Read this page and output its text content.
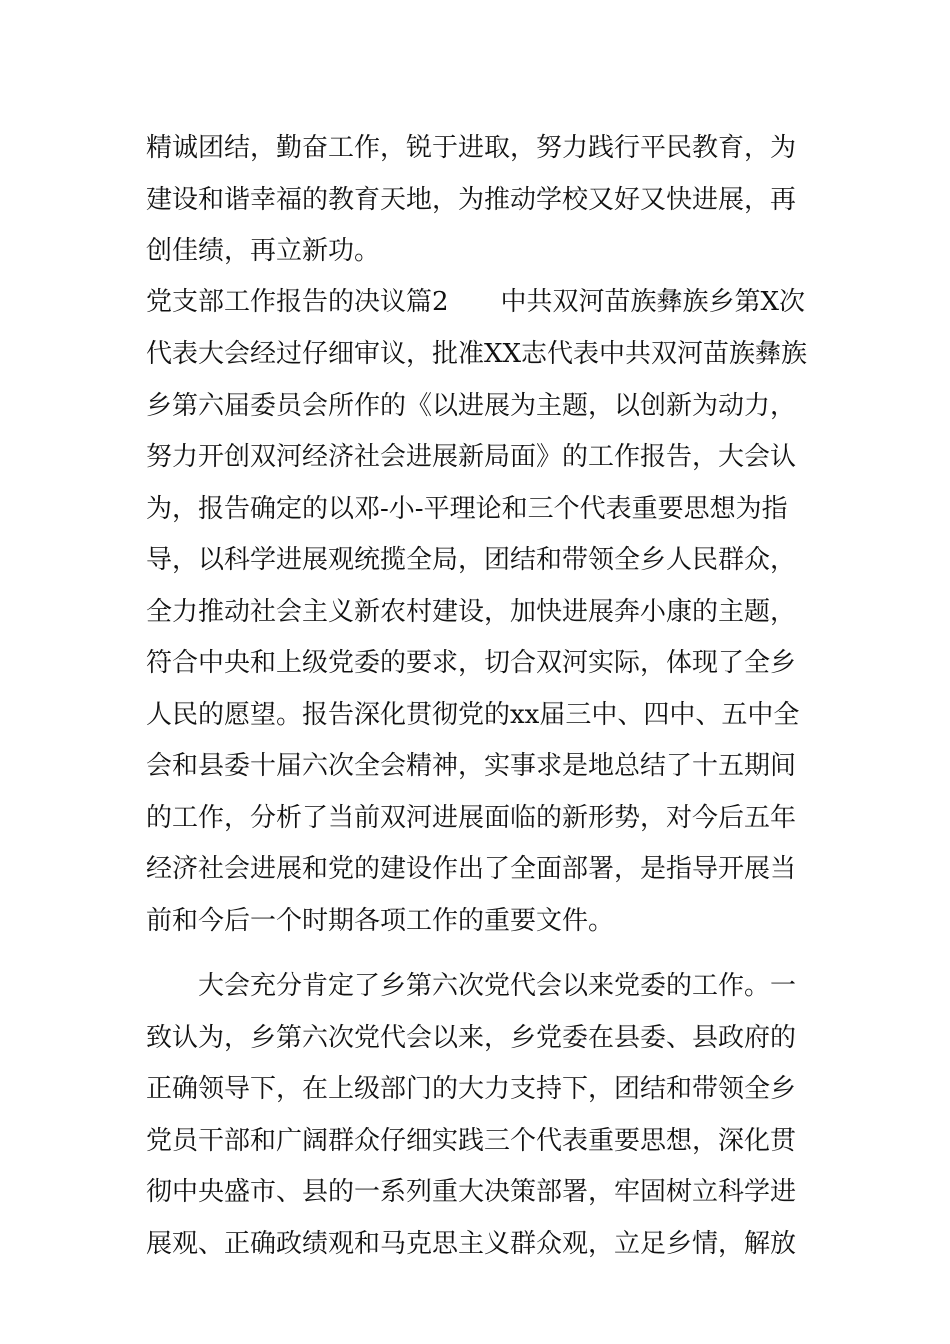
精诚团结，勤奋工作，锐于进取，努力践行平民教育，为
建设和谐幸福的教育天地，为推动学校又好又快进展，再
创佳绩，再立新功。
党支部工作报告的决议篇2　　中共双河苗族彝族乡第X次
代表大会经过仔细审议，批准XX志代表中共双河苗族彝族
乡第六届委员会所作的《以进展为主题，以创新为动力，
努力开创双河经济社会进展新局面》的工作报告，大会认
为，报告确定的以邓-小-平理论和三个代表重要思想为指
导，以科学进展观统揽全局，团结和带领全乡人民群众，
全力推动社会主义新农村建设，加快进展奔小康的主题，
符合中央和上级党委的要求，切合双河实际，体现了全乡
人民的愿望。报告深化贯彻党的xx届三中、四中、五中全
会和县委十届六次全会精神，实事求是地总结了十五期间
的工作，分析了当前双河进展面临的新形势，对今后五年
经济社会进展和党的建设作出了全面部署，是指导开展当
前和今后一个时期各项工作的重要文件。
大会充分肯定了乡第六次党代会以来党委的工作。一
致认为，乡第六次党代会以来，乡党委在县委、县政府的
正确领导下，在上级部门的大力支持下，团结和带领全乡
党员干部和广阔群众仔细实践三个代表重要思想，深化贯
彻中央盛市、县的一系列重大决策部署，牢固树立科学进
展观、正确政绩观和马克思主义群众观，立足乡情，解放
